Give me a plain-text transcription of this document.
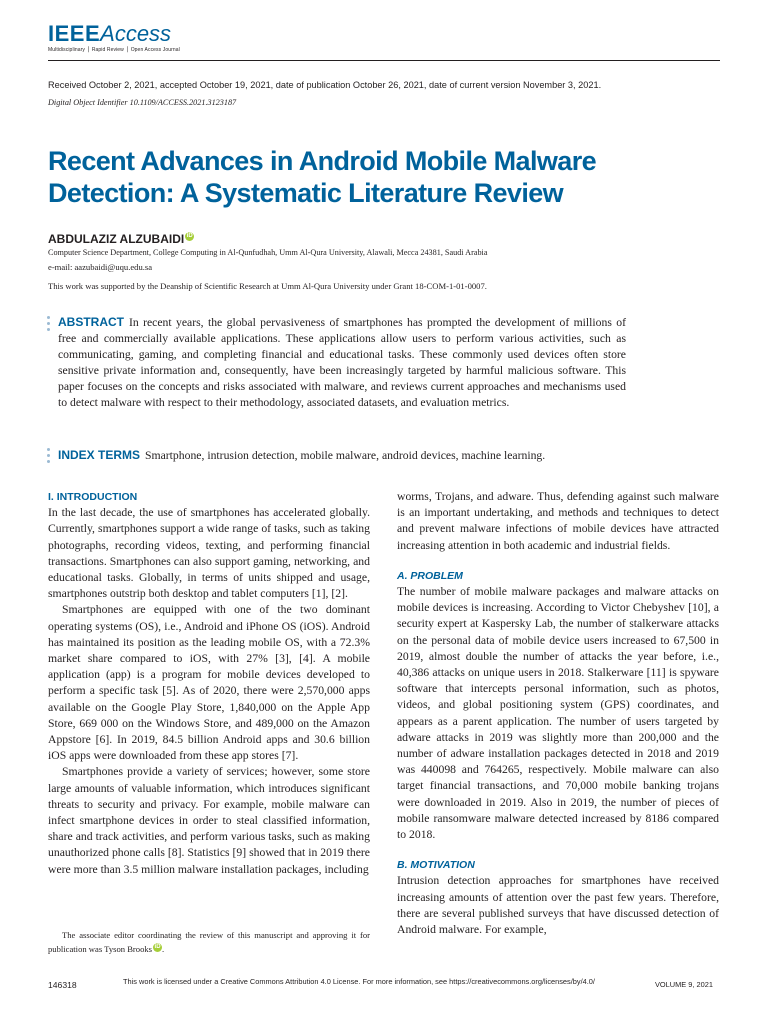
IEEEAccess
Multidisciplinary ⎪ Rapid Review ⎪ Open Access Journal
Received October 2, 2021, accepted October 19, 2021, date of publication October 26, 2021, date of current version November 3, 2021.
Digital Object Identifier 10.1109/ACCESS.2021.3123187
Recent Advances in Android Mobile Malware Detection: A Systematic Literature Review
ABDULAZIZ ALZUBAIDI iD
Computer Science Department, College Computing in Al-Qunfudhah, Umm Al-Qura University, Alawali, Mecca 24381, Saudi Arabia
e-mail: aazubaidi@uqu.edu.sa
This work was supported by the Deanship of Scientific Research at Umm Al-Qura University under Grant 18-COM-1-01-0007.
ABSTRACT In recent years, the global pervasiveness of smartphones has prompted the development of millions of free and commercially available applications. These applications allow users to perform various activities, such as communicating, gaming, and completing financial and educational tasks. These commonly used devices often store sensitive private information and, consequently, have been increasingly targeted by harmful malicious software. This paper focuses on the concepts and risks associated with malware, and reviews current approaches and mechanisms used to detect malware with respect to their methodology, associated datasets, and evaluation metrics.
INDEX TERMS Smartphone, intrusion detection, mobile malware, android devices, machine learning.
I. INTRODUCTION

In the last decade, the use of smartphones has accelerated globally. Currently, smartphones support a wide range of tasks, such as taking photographs, recording videos, texting, and performing financial transactions. Smartphones can also support gaming, networking, and educational tasks. Globally, in terms of units shipped and usage, smartphones outstrip both desktop and tablet computers [1], [2].

Smartphones are equipped with one of the two dominant operating systems (OS), i.e., Android and iPhone OS (iOS). Android has maintained its position as the leading mobile OS, with a 72.3% market share compared to iOS, with 27% [3], [4]. A mobile application (app) is a program for mobile devices developed to perform a specific task [5]. As of 2020, there were 2,570,000 apps available on the Google Play Store, 1,840,000 on the Apple App Store, 669 000 on the Windows Store, and 489,000 on the Amazon Appstore [6]. In 2019, 84.5 billion Android apps and 30.6 billion iOS apps were downloaded from these app stores [7].

Smartphones provide a variety of services; however, some store large amounts of valuable information, which introduces significant threats to security and privacy. For example, mobile malware can infect smartphone devices in order to steal classified information, share and track activities, and perform various tasks, such as making unauthorized phone calls [8]. Statistics [9] showed that in 2019 there were more than 3.5 million malware installation packages, including

The associate editor coordinating the review of this manuscript and approving it for publication was Tyson Brooks iD .

worms, Trojans, and adware. Thus, defending against such malware is an important undertaking, and methods and techniques to detect and prevent malware infections of mobile devices have attracted increasing attention in both academic and industrial fields.

A. PROBLEM

The number of mobile malware packages and malware attacks on mobile devices is increasing. According to Victor Chebyshev [10], a security expert at Kaspersky Lab, the number of stalkerware attacks on the personal data of mobile device users increased to 67,500 in 2019, almost double the number of attacks the year before, i.e., 40,386 attacks on unique users in 2018. Stalkerware [11] is spyware software that intercepts personal information, such as photos, videos, and global positioning system (GPS) coordinates, and appears as a parent application. The number of users targeted by adware attacks in 2019 was slightly more than 200,000 and the number of adware installation packages detected in 2018 and 2019 was 440098 and 764265, respectively. Mobile malware can also target financial transactions, and 70,000 mobile banking trojans were downloaded in 2019. Also in 2019, the number of pieces of mobile ransomware malware detected increased by 8186 compared to 2018.

B. MOTIVATION

Intrusion detection approaches for smartphones have received increasing amounts of attention over the past few years. Therefore, there are several published surveys that have discussed detection of Android malware. For example,

146318	This work is licensed under a Creative Commons Attribution 4.0 License. For more information, see https://creativecommons.org/licenses/by/4.0/	VOLUME 9, 2021
